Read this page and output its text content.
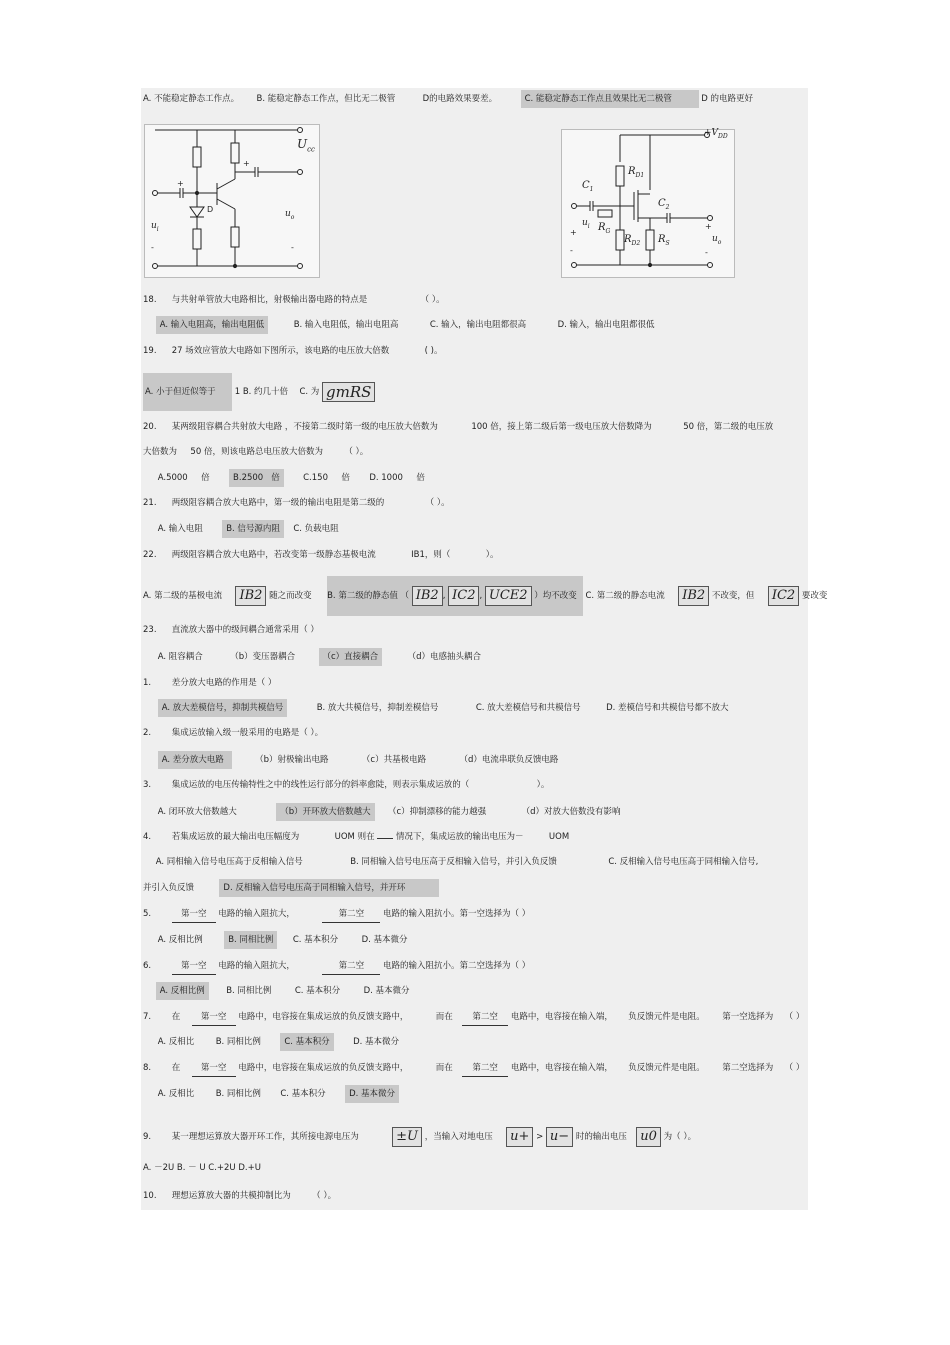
A. 不能稳定静态工作点。 B. 能稳定静态工作点，但比无二极管	D的电路效果要差。	C. 能稳定静态工作点且效果比无二极管	D 的电路更好
$U_{cc}$
$u_i$
$u_o$
D
+
-
+
-
$+V_{DD}$
$C_1$
$C_2$
$R_{D1}$
$R_G$
$R_{D2}$ $R_S$
$u_i$
$u_o$
+
-
+
-
18. 与共射单管放大电路相比，射极输出器电路的特点是	（ ）。
A. 输入电阻高，输出电阻低	B. 输入电阻低，输出电阻高	C. 输入，输出电阻都很高	D. 输入，输出电阻都很低
19. 27 场效应管放大电路如下图所示，该电路的电压放大倍数	( )。
A. 小于但近似等于 1 B. 约几十倍 C. 为 gmRS
20. 某两级阻容耦合共射放大电路 ，不接第二级时第一级的电压放大倍数为	100 倍，接上第二级后第一级电压放大倍数降为	50 倍，第二级的电压放
大倍数为 50 倍，则该电路总电压放大倍数为	（ ）。
A.5000 倍	B.2500 倍	C.150 倍 D. 1000 倍
21. 两级阻容耦合放大电路中，第一级的输出电阻是第二级的	（ ）。
A. 输入电阻	B. 信号源内阻 C. 负载电阻
22. 两级阻容耦合放大电路中，若改变第一级静态基极电流	IB1，则（	）。
A. 第二级的基极电流 IB2 随之而改变 B. 第二级的静态值 （ IB2 , IC2 , UCE2 ）均不改变 C. 第二级的静态电流 IB2 不改变，但 IC2 要改变
23. 直流放大器中的级间耦合通常采用（ ）
A. 阻容耦合	（b）变压器耦合	（c）直接耦合	（d）电感抽头耦合
1. 差分放大电路的作用是（ ）
A. 放大差模信号，抑制共模信号	B. 放大共模信号，抑制差模信号	C. 放大差模信号和共模信号	D. 差模信号和共模信号都不放大
2. 集成运放输入级一般采用的电路是（ ）。
A. 差分放大电路	（b）射极输出电路	（c）共基极电路	（d）电流串联负反馈电路
3. 集成运放的电压传输特性之中的线性运行部分的斜率愈陡，则表示集成运放的（	）。
A. 闭环放大倍数越大	（b）开环放大倍数越大 （c）抑制漂移的能力越强	（d）对放大倍数没有影响
4. 若集成运放的最大输出电压幅度为	UOM 则在	情况下，集成运放的输出电压为－	UOM
A. 同相输入信号电压高于反相输入信号	B. 同相输入信号电压高于反相输入信号，并引入负反馈	C. 反相输入信号电压高于同相输入信号,
并引入负反馈	D. 反相输入信号电压高于同相输入信号，并开环
5.	第一空 电路的输入阻抗大，	第二空 电路的输入阻抗小。第一空选择为（ ）
A. 反相比例	B. 同相比例 C. 基本积分	D. 基本微分
6.	第一空 电路的输入阻抗大，	第二空 电路的输入阻抗小。第二空选择为（ ）
A. 反相比例	B. 同相比例	C. 基本积分	D. 基本微分
7. 在 第一空 电路中，电容接在集成运放的负反馈支路中，	而在 第二空 电路中，电容接在输入端， 负反馈元件是电阻。 第一空选择为 （ ）
A. 反相比	B. 同相比例	C. 基本积分	D. 基本微分
8. 在 第一空 电路中，电容接在集成运放的负反馈支路中，	而在 第二空 电路中，电容接在输入端， 负反馈元件是电阻。 第二空选择为 （ ）
A. 反相比	B. 同相比例 C. 基本积分	D. 基本微分
9. 某一理想运算放大器开环工作，其所接电源电压为	±U ，当输入对地电压 u+ > u− 时的输出电压 u0 为（ ）。
A. －2U B. － U C.+2U D.+U
10. 理想运算放大器的共模抑制比为	（ ）。
